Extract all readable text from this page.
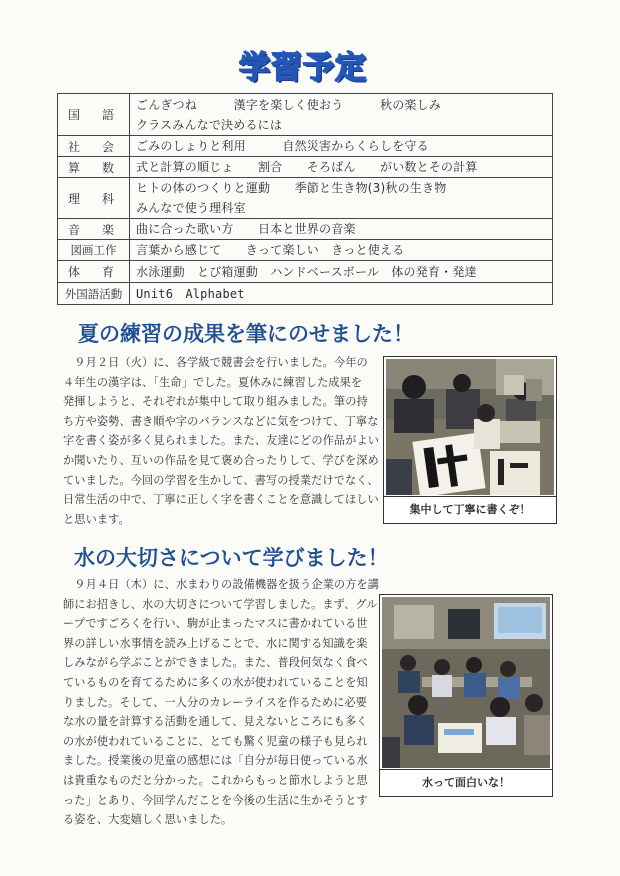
学習予定
国　語	ごんぎつね　　　漢字を楽しく使おう　　　秋の楽しみ
クラスみんなで決めるには

社　会	ごみのしょりと利用　　　自然災害からくらしを守る
算　数	式と計算の順じょ　　割合　　そろばん　　がい数とその計算
理　科	ヒトの体のつくりと運動　　季節と生き物(3)秋の生き物
みんなで使う理科室

音　楽	曲に合った歌い方　　日本と世界の音楽
図画工作	言葉から感じて　　きって楽しい　きっと使える
体　育	水泳運動　とび箱運動　ハンドベースボール　体の発育・発達
外国語活動	Unit6　Alphabet
夏の練習の成果を筆にのせました！
　９月２日（火）に、各学級で競書会を行いました。今年の
４年生の漢字は、「生命」でした。夏休みに練習した成果を
発揮しようと、それぞれが集中して取り組みました。筆の持
ち方や姿勢、書き順や字のバランスなどに気をつけて、丁寧な
字を書く姿が多く見られました。また、友達にどの作品がよい
か聞いたり、互いの作品を見て褒め合ったりして、学びを深め
ていました。今回の学習を生かして、書写の授業だけでなく、
日常生活の中で、丁寧に正しく字を書くことを意識してほしい
と思います。
集中して丁寧に書くぞ！
水の大切さについて学びました！
　９月４日（木）に、水まわりの設備機器を扱う企業の方を講
師にお招きし、水の大切さについて学習しました。まず、グル
ープですごろくを行い、駒が止まったマスに書かれている世
界の詳しい水事情を読み上げることで、水に関する知識を楽
しみながら学ぶことができました。また、普段何気なく食べ
ているものを育てるために多くの水が使われていることを知
りました。そして、一人分のカレーライスを作るために必要
な水の量を計算する活動を通して、見えないところにも多く
の水が使われていることに、とても驚く児童の様子も見られ
ました。授業後の児童の感想には「自分が毎日使っている水
は貴重なものだと分かった。これからもっと節水しようと思
った」とあり、今回学んだことを今後の生活に生かそうとす
る姿を、大変嬉しく思いました。
水って面白いな！
